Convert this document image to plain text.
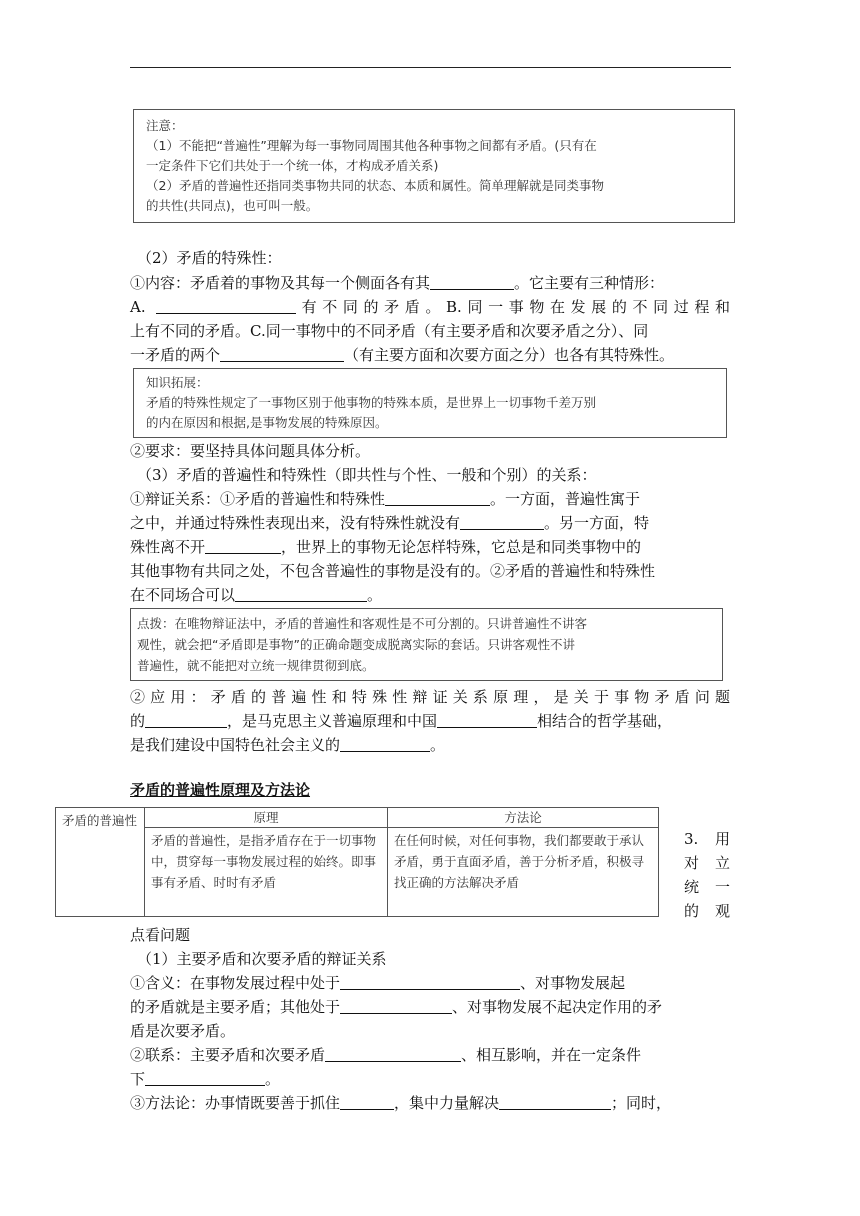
注意：

（1）不能把“普遍性”理解为每一事物同周围其他各种事物之间都有矛盾。(只有在

一定条件下它们共处于一个统一体，才构成矛盾关系)

（2）矛盾的普遍性还指同类事物共同的状态、本质和属性。简单理解就是同类事物

的共性(共同点)，也可叫一般。

（2）矛盾的特殊性：
①内容：矛盾着的事物及其每一个侧面各有其	。它主要有三种情形：
A.	有不同的矛盾。B.同一事物在发展的不同过程和
上有不同的矛盾。C.同一事物中的不同矛盾（有主要矛盾和次要矛盾之分）、同
一矛盾的两个	（有主要方面和次要方面之分）也各有其特殊性。

知识拓展：

矛盾的特殊性规定了一事物区别于他事物的特殊本质，是世界上一切事物千差万别

的内在原因和根据,是事物发展的特殊原因。

②要求：要坚持具体问题具体分析。
（3）矛盾的普遍性和特殊性（即共性与个性、一般和个别）的关系：
①辩证关系：①矛盾的普遍性和特殊性	。一方面，普遍性寓于
之中，并通过特殊性表现出来，没有特殊性就没有	。另一方面，特
殊性离不开	，世界上的事物无论怎样特殊，它总是和同类事物中的
其他事物有共同之处，不包含普遍性的事物是没有的。②矛盾的普遍性和特殊性
在不同场合可以	。

点拨：在唯物辩证法中，矛盾的普遍性和客观性是不可分割的。只讲普遍性不讲客

观性，就会把“矛盾即是事物”的正确命题变成脱离实际的套话。只讲客观性不讲

普遍性，就不能把对立统一规律贯彻到底。

②应用：矛盾的普遍性和特殊性辩证关系原理，是关于事物矛盾问题
的	，是马克思主义普遍原理和中国	相结合的哲学基础，
是我们建设中国特色社会主义的	。
矛盾的普遍性原理及方法论
矛盾的普遍性	原理	方法论
	矛盾的普遍性，是指矛盾存在于一切事物中，贯穿每一事物发展过程的始终。即事事有矛盾、时时有矛盾	在任何时候，对任何事物，我们都要敢于承认矛盾，勇于直面矛盾，善于分析矛盾，积极寻找正确的方法解决矛盾
3. 用
对 立
统 一
的 观
点看问题
（1）主要矛盾和次要矛盾的辩证关系
①含义：在事物发展过程中处于	、对事物发展起
的矛盾就是主要矛盾；其他处于	、对事物发展不起决定作用的矛
盾是次要矛盾。
②联系：主要矛盾和次要矛盾	、相互影响，并在一定条件
下	。
③方法论：办事情既要善于抓住	，集中力量解决	；同时，
